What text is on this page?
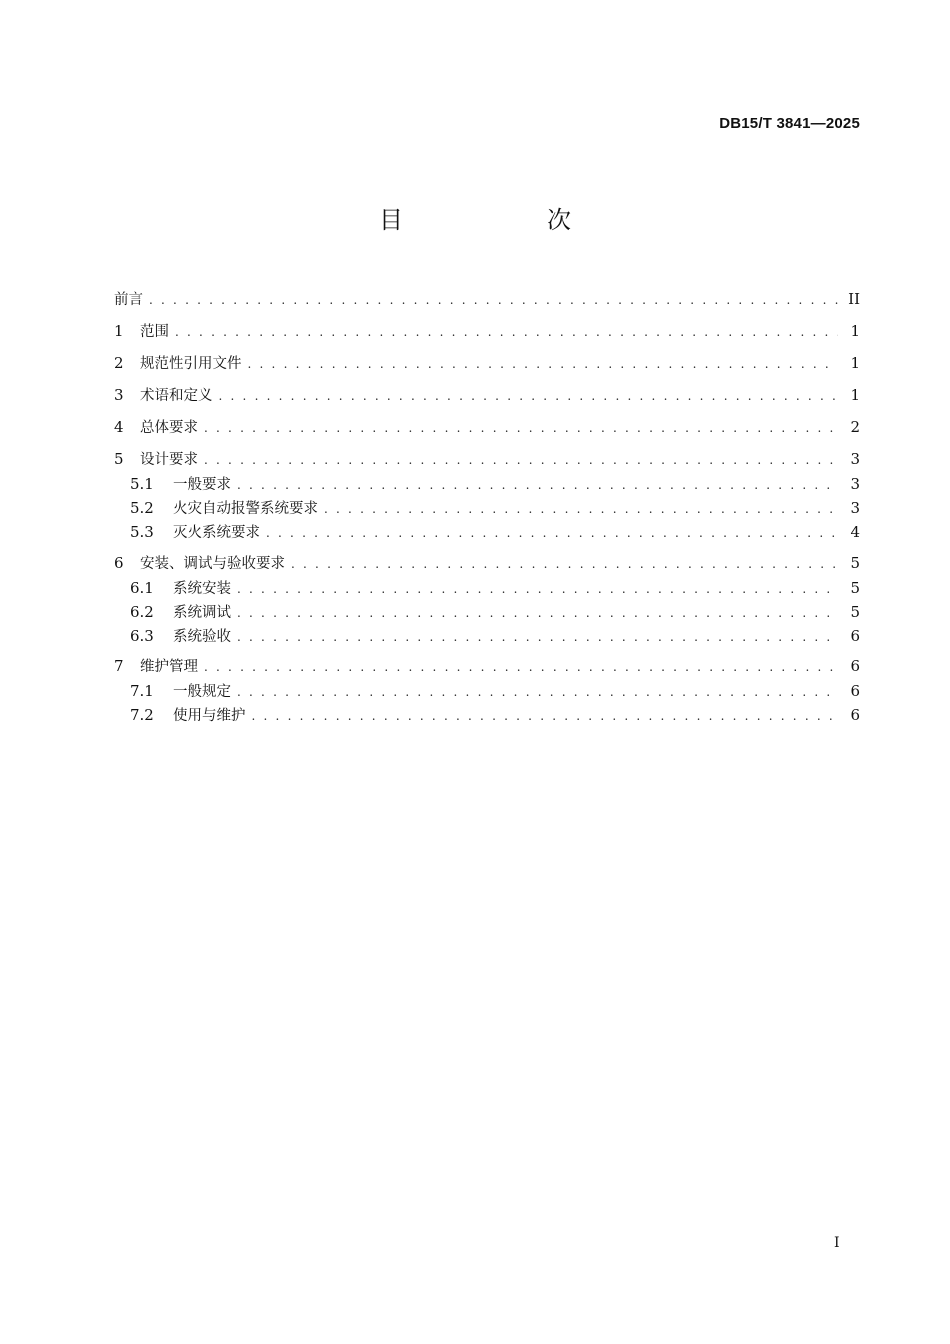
DB15/T 3841—2025
目　次
前言 . . .	II
1	范围 . . .	1
2	规范性引用文件 . . .	1
3	术语和定义 . . .	1
4	总体要求 . . .	2
5	设计要求 . . .	3
5.1	一般要求 . . .	3
5.2	火灾自动报警系统要求 . . .	3
5.3	灭火系统要求 . . .	4
6	安装、调试与验收要求 . . .	5
6.1	系统安装 . . .	5
6.2	系统调试 . . .	5
6.3	系统验收 . . .	6
7	维护管理 . . .	6
7.1	一般规定 . . .	6
7.2	使用与维护 . . .	6
I
